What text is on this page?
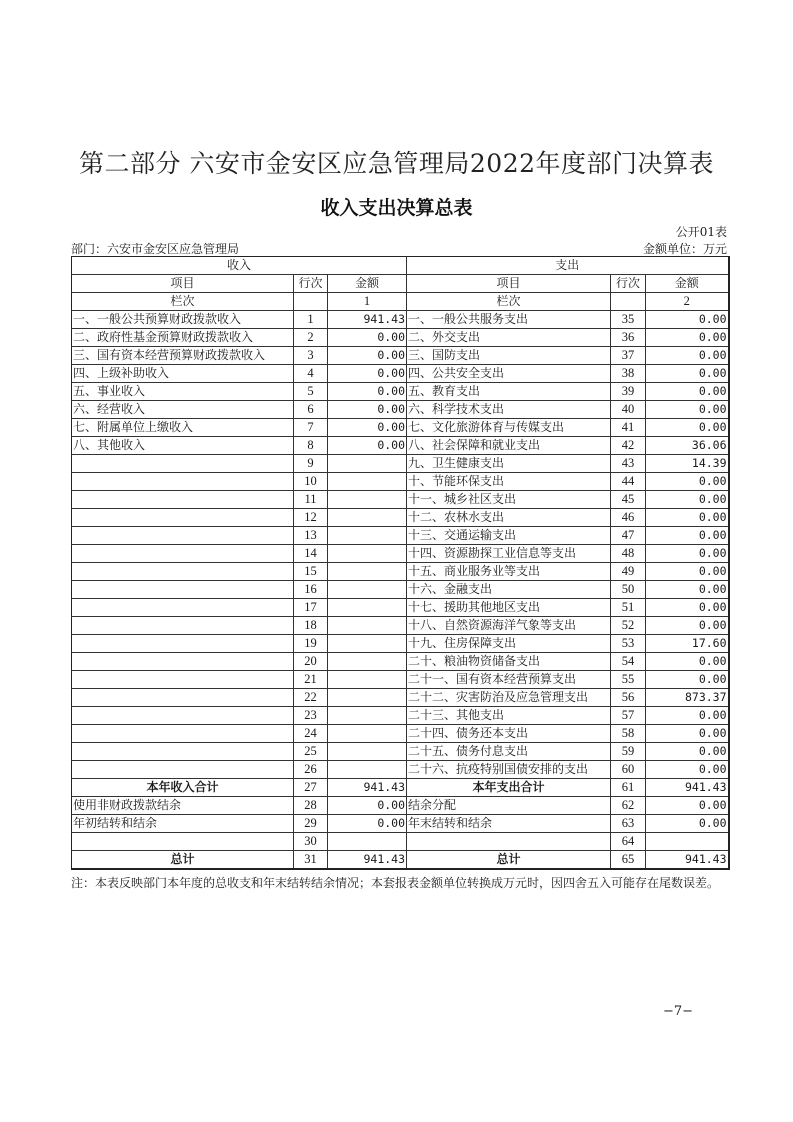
第二部分 六安市金安区应急管理局2022年度部门决算表
收入支出决算总表
公开01表
部门：六安市金安区应急管理局	金额单位：万元
收入			支出		
项目	行次	金额	项目	行次	金额
栏次		1	栏次		2
一、一般公共预算财政拨款收入	1	941.43	一、一般公共服务支出	35	0.00
二、政府性基金预算财政拨款收入	2	0.00	二、外交支出	36	0.00
三、国有资本经营预算财政拨款收入	3	0.00	三、国防支出	37	0.00
四、上级补助收入	4	0.00	四、公共安全支出	38	0.00
五、事业收入	5	0.00	五、教育支出	39	0.00
六、经营收入	6	0.00	六、科学技术支出	40	0.00
七、附属单位上缴收入	7	0.00	七、文化旅游体育与传媒支出	41	0.00
八、其他收入	8	0.00	八、社会保障和就业支出	42	36.06
	9		九、卫生健康支出	43	14.39
	10		十、节能环保支出	44	0.00
	11		十一、城乡社区支出	45	0.00
	12		十二、农林水支出	46	0.00
	13		十三、交通运输支出	47	0.00
	14		十四、资源勘探工业信息等支出	48	0.00
	15		十五、商业服务业等支出	49	0.00
	16		十六、金融支出	50	0.00
	17		十七、援助其他地区支出	51	0.00
	18		十八、自然资源海洋气象等支出	52	0.00
	19		十九、住房保障支出	53	17.60
	20		二十、粮油物资储备支出	54	0.00
	21		二十一、国有资本经营预算支出	55	0.00
	22		二十二、灾害防治及应急管理支出	56	873.37
	23		二十三、其他支出	57	0.00
	24		二十四、债务还本支出	58	0.00
	25		二十五、债务付息支出	59	0.00
	26		二十六、抗疫特别国债安排的支出	60	0.00
本年收入合计	27	941.43	本年支出合计	61	941.43
使用非财政拨款结余	28	0.00	结余分配	62	0.00
年初结转和结余	29	0.00	年末结转和结余	63	0.00
	30			64	
总计	31	941.43	总计	65	941.43
注：本表反映部门本年度的总收支和年末结转结余情况；本套报表金额单位转换成万元时，因四舍五入可能存在尾数误差。
−7−
